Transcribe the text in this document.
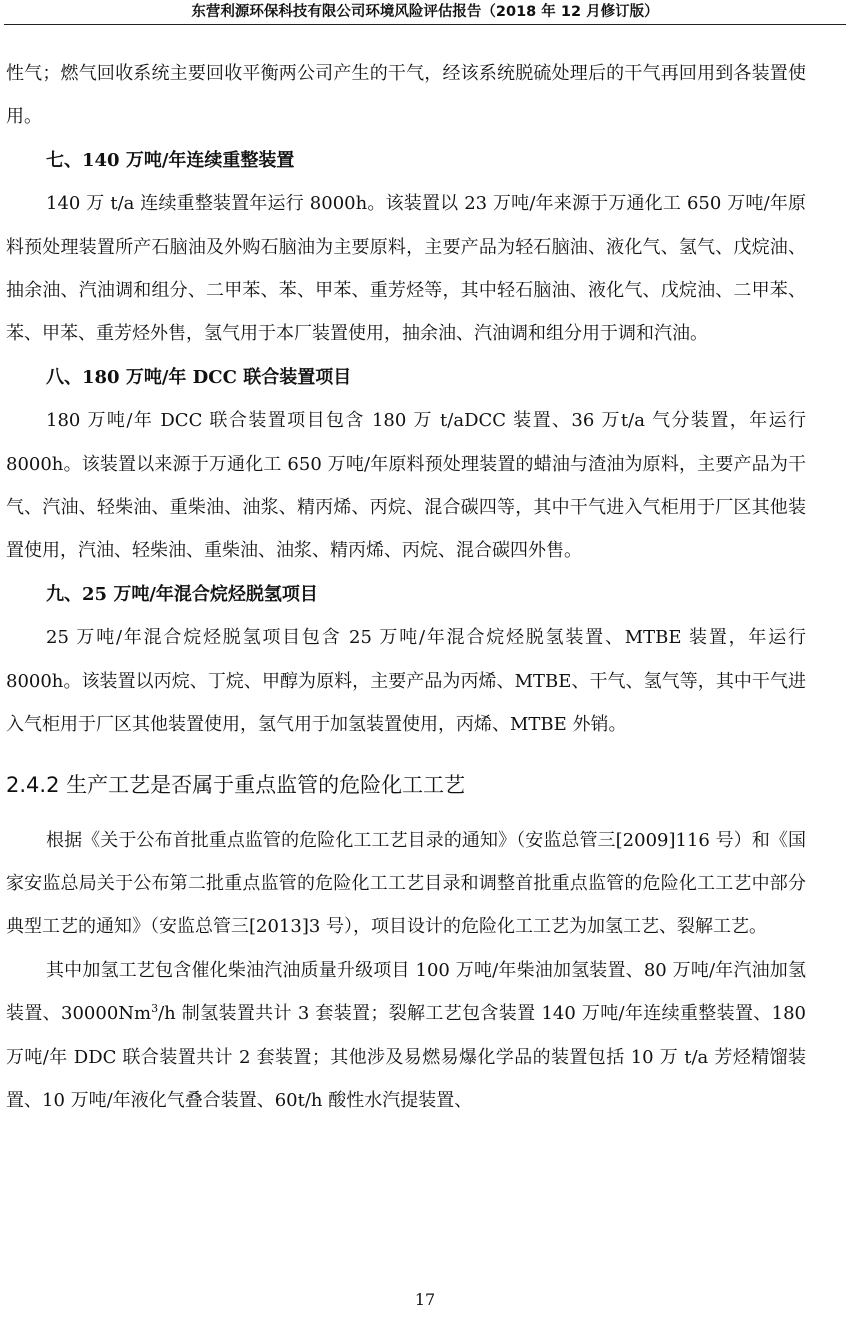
东营利源环保科技有限公司环境风险评估报告（2018 年 12 月修订版）

性气；燃气回收系统主要回收平衡两公司产生的干气，经该系统脱硫处理后的干气再回用到各装置使用。

七、140 万吨/年连续重整装置

140 万 t/a 连续重整装置年运行 8000h。该装置以 23 万吨/年来源于万通化工 650 万吨/年原料预处理装置所产石脑油及外购石脑油为主要原料，主要产品为轻石脑油、液化气、氢气、戊烷油、抽余油、汽油调和组分、二甲苯、苯、甲苯、重芳烃等，其中轻石脑油、液化气、戊烷油、二甲苯、苯、甲苯、重芳烃外售，氢气用于本厂装置使用，抽余油、汽油调和组分用于调和汽油。

八、180 万吨/年 DCC 联合装置项目

180 万吨/年 DCC 联合装置项目包含 180 万 t/aDCC 装置、36 万t/a 气分装置，年运行 8000h。该装置以来源于万通化工 650 万吨/年原料预处理装置的蜡油与渣油为原料，主要产品为干气、汽油、轻柴油、重柴油、油浆、精丙烯、丙烷、混合碳四等，其中干气进入气柜用于厂区其他装置使用，汽油、轻柴油、重柴油、油浆、精丙烯、丙烷、混合碳四外售。

九、25 万吨/年混合烷烃脱氢项目

25 万吨/年混合烷烃脱氢项目包含 25 万吨/年混合烷烃脱氢装置、MTBE 装置，年运行 8000h。该装置以丙烷、丁烷、甲醇为原料，主要产品为丙烯、MTBE、干气、氢气等，其中干气进入气柜用于厂区其他装置使用，氢气用于加氢装置使用，丙烯、MTBE 外销。

2.4.2 生产工艺是否属于重点监管的危险化工工艺

根据《关于公布首批重点监管的危险化工工艺目录的通知》（安监总管三[2009]116 号）和《国家安监总局关于公布第二批重点监管的危险化工工艺目录和调整首批重点监管的危险化工工艺中部分典型工艺的通知》（安监总管三[2013]3 号），项目设计的危险化工工艺为加氢工艺、裂解工艺。

其中加氢工艺包含催化柴油汽油质量升级项目 100 万吨/年柴油加氢装置、80 万吨/年汽油加氢装置、30000Nm$^3$/h 制氢装置共计 3 套装置；裂解工艺包含装置 140 万吨/年连续重整装置、180 万吨/年 DDC 联合装置共计 2 套装置；其他涉及易燃易爆化学品的装置包括 10 万 t/a 芳烃精馏装置、10 万吨/年液化气叠合装置、60t/h 酸性水汽提装置、

17
